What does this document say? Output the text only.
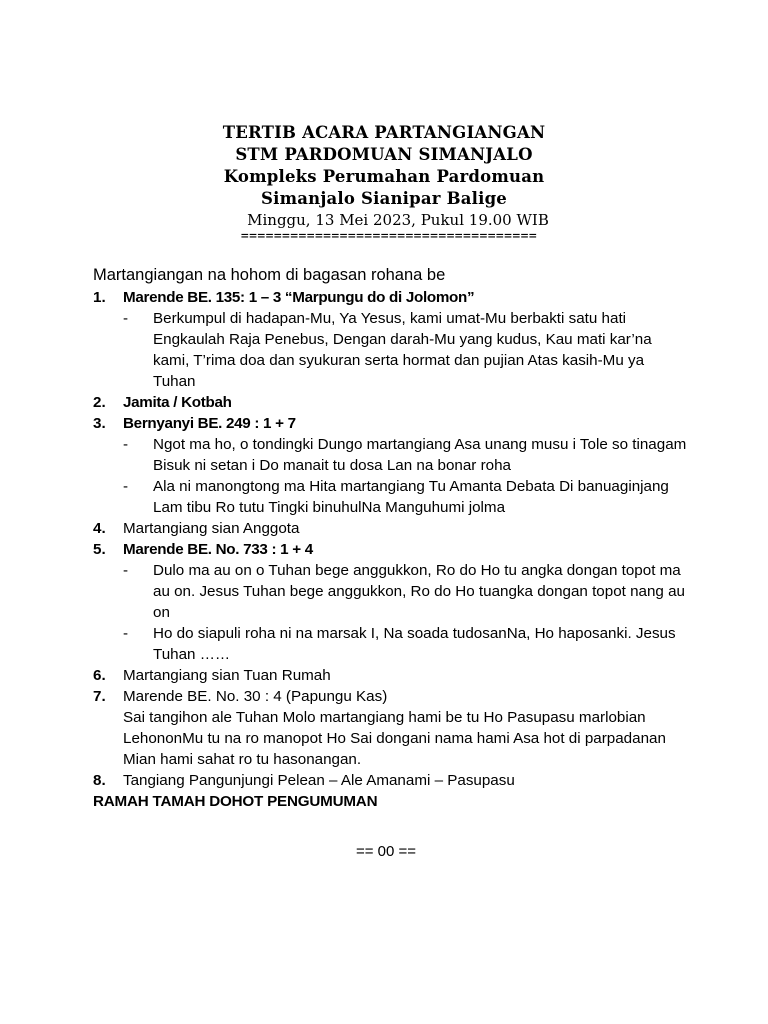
TERTIB ACARA PARTANGIANGAN
STM PARDOMUAN SIMANJALO
Kompleks Perumahan Pardomuan
Simanjalo Sianipar Balige
Minggu, 13 Mei 2023, Pukul 19.00 WIB
====================================
Martangiangan na hohom di bagasan rohana be
1. Marende BE. 135: 1 – 3 “Marpungu do di Jolomon”
- Berkumpul di hadapan-Mu, Ya Yesus, kami umat-Mu berbakti satu hati
Engkaulah Raja Penebus, Dengan darah-Mu yang kudus, Kau mati kar’na
kami, T’rima doa dan syukuran serta hormat dan pujian Atas kasih-Mu ya
Tuhan
2. Jamita / Kotbah
3. Bernyanyi BE. 249 : 1 + 7
- Ngot ma ho, o tondingki Dungo martangiang Asa unang musu i Tole so tinagam
Bisuk ni setan i Do manait tu dosa Lan na bonar roha
- Ala ni manongtong ma Hita martangiang Tu Amanta Debata Di banuaginjang
Lam tibu Ro tutu Tingki binuhulNa Manguhumi jolma
4. Martangiang sian Anggota
5. Marende BE. No. 733 : 1 + 4
- Dulo ma au on o Tuhan bege anggukkon, Ro do Ho tu angka dongan topot ma
au on. Jesus Tuhan bege anggukkon, Ro do Ho tuangka dongan topot nang au
on
- Ho do siapuli roha ni na marsak I, Na soada tudosanNa, Ho haposanki. Jesus
Tuhan ……
6. Martangiang sian Tuan Rumah
7. Marende BE. No. 30 : 4 (Papungu Kas)
Sai tangihon ale Tuhan Molo martangiang hami be tu Ho Pasupasu marlobian
LehononMu tu na ro manopot Ho Sai dongani nama hami Asa hot di parpadanan
Mian hami sahat ro tu hasonangan.
8. Tangiang Pangunjungi Pelean – Ale Amanami – Pasupasu
RAMAH TAMAH DOHOT PENGUMUMAN
== 00 ==
